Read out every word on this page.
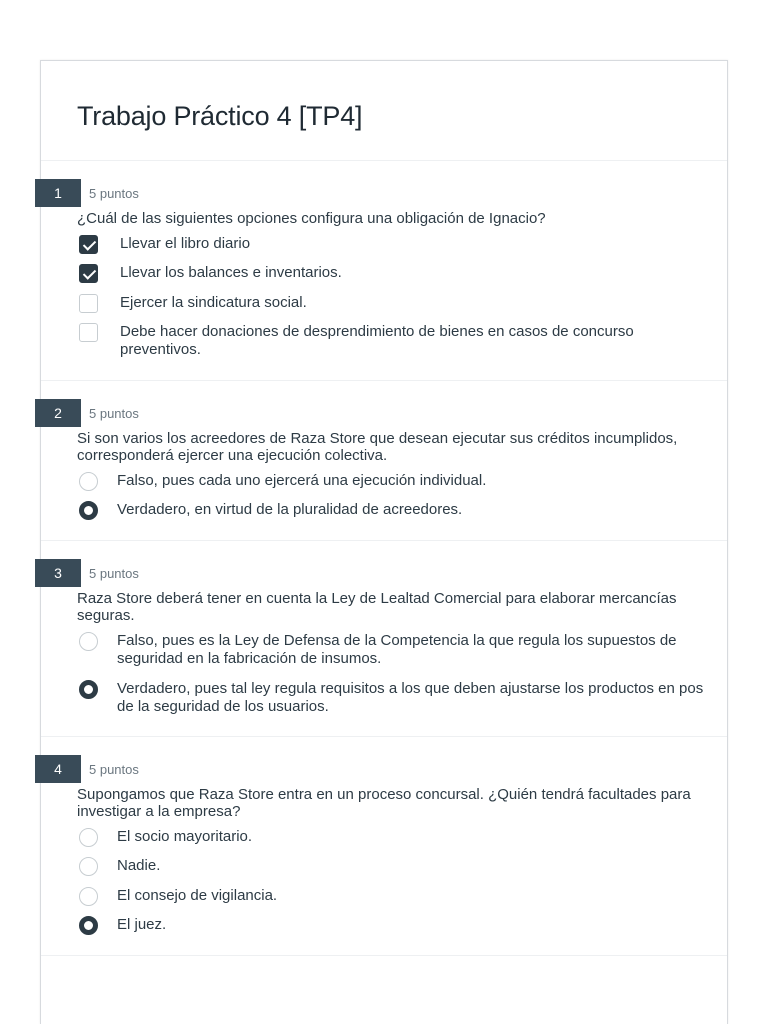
Trabajo Práctico 4 [TP4]
1	5 puntos
¿Cuál de las siguientes opciones configura una obligación de Ignacio?
Llevar el libro diario
Llevar los balances e inventarios.
Ejercer la sindicatura social.
Debe hacer donaciones de desprendimiento de bienes en casos de concurso preventivos.
2	5 puntos
Si son varios los acreedores de Raza Store que desean ejecutar sus créditos incumplidos, corresponderá ejercer una ejecución colectiva.
Falso, pues cada uno ejercerá una ejecución individual.
Verdadero, en virtud de la pluralidad de acreedores.
3	5 puntos
Raza Store deberá tener en cuenta la Ley de Lealtad Comercial para elaborar mercancías seguras.
Falso, pues es la Ley de Defensa de la Competencia la que regula los supuestos de seguridad en la fabricación de insumos.
Verdadero, pues tal ley regula requisitos a los que deben ajustarse los productos en pos de la seguridad de los usuarios.
4	5 puntos
Supongamos que Raza Store entra en un proceso concursal. ¿Quién tendrá facultades para investigar a la empresa?
El socio mayoritario.
Nadie.
El consejo de vigilancia.
El juez.
